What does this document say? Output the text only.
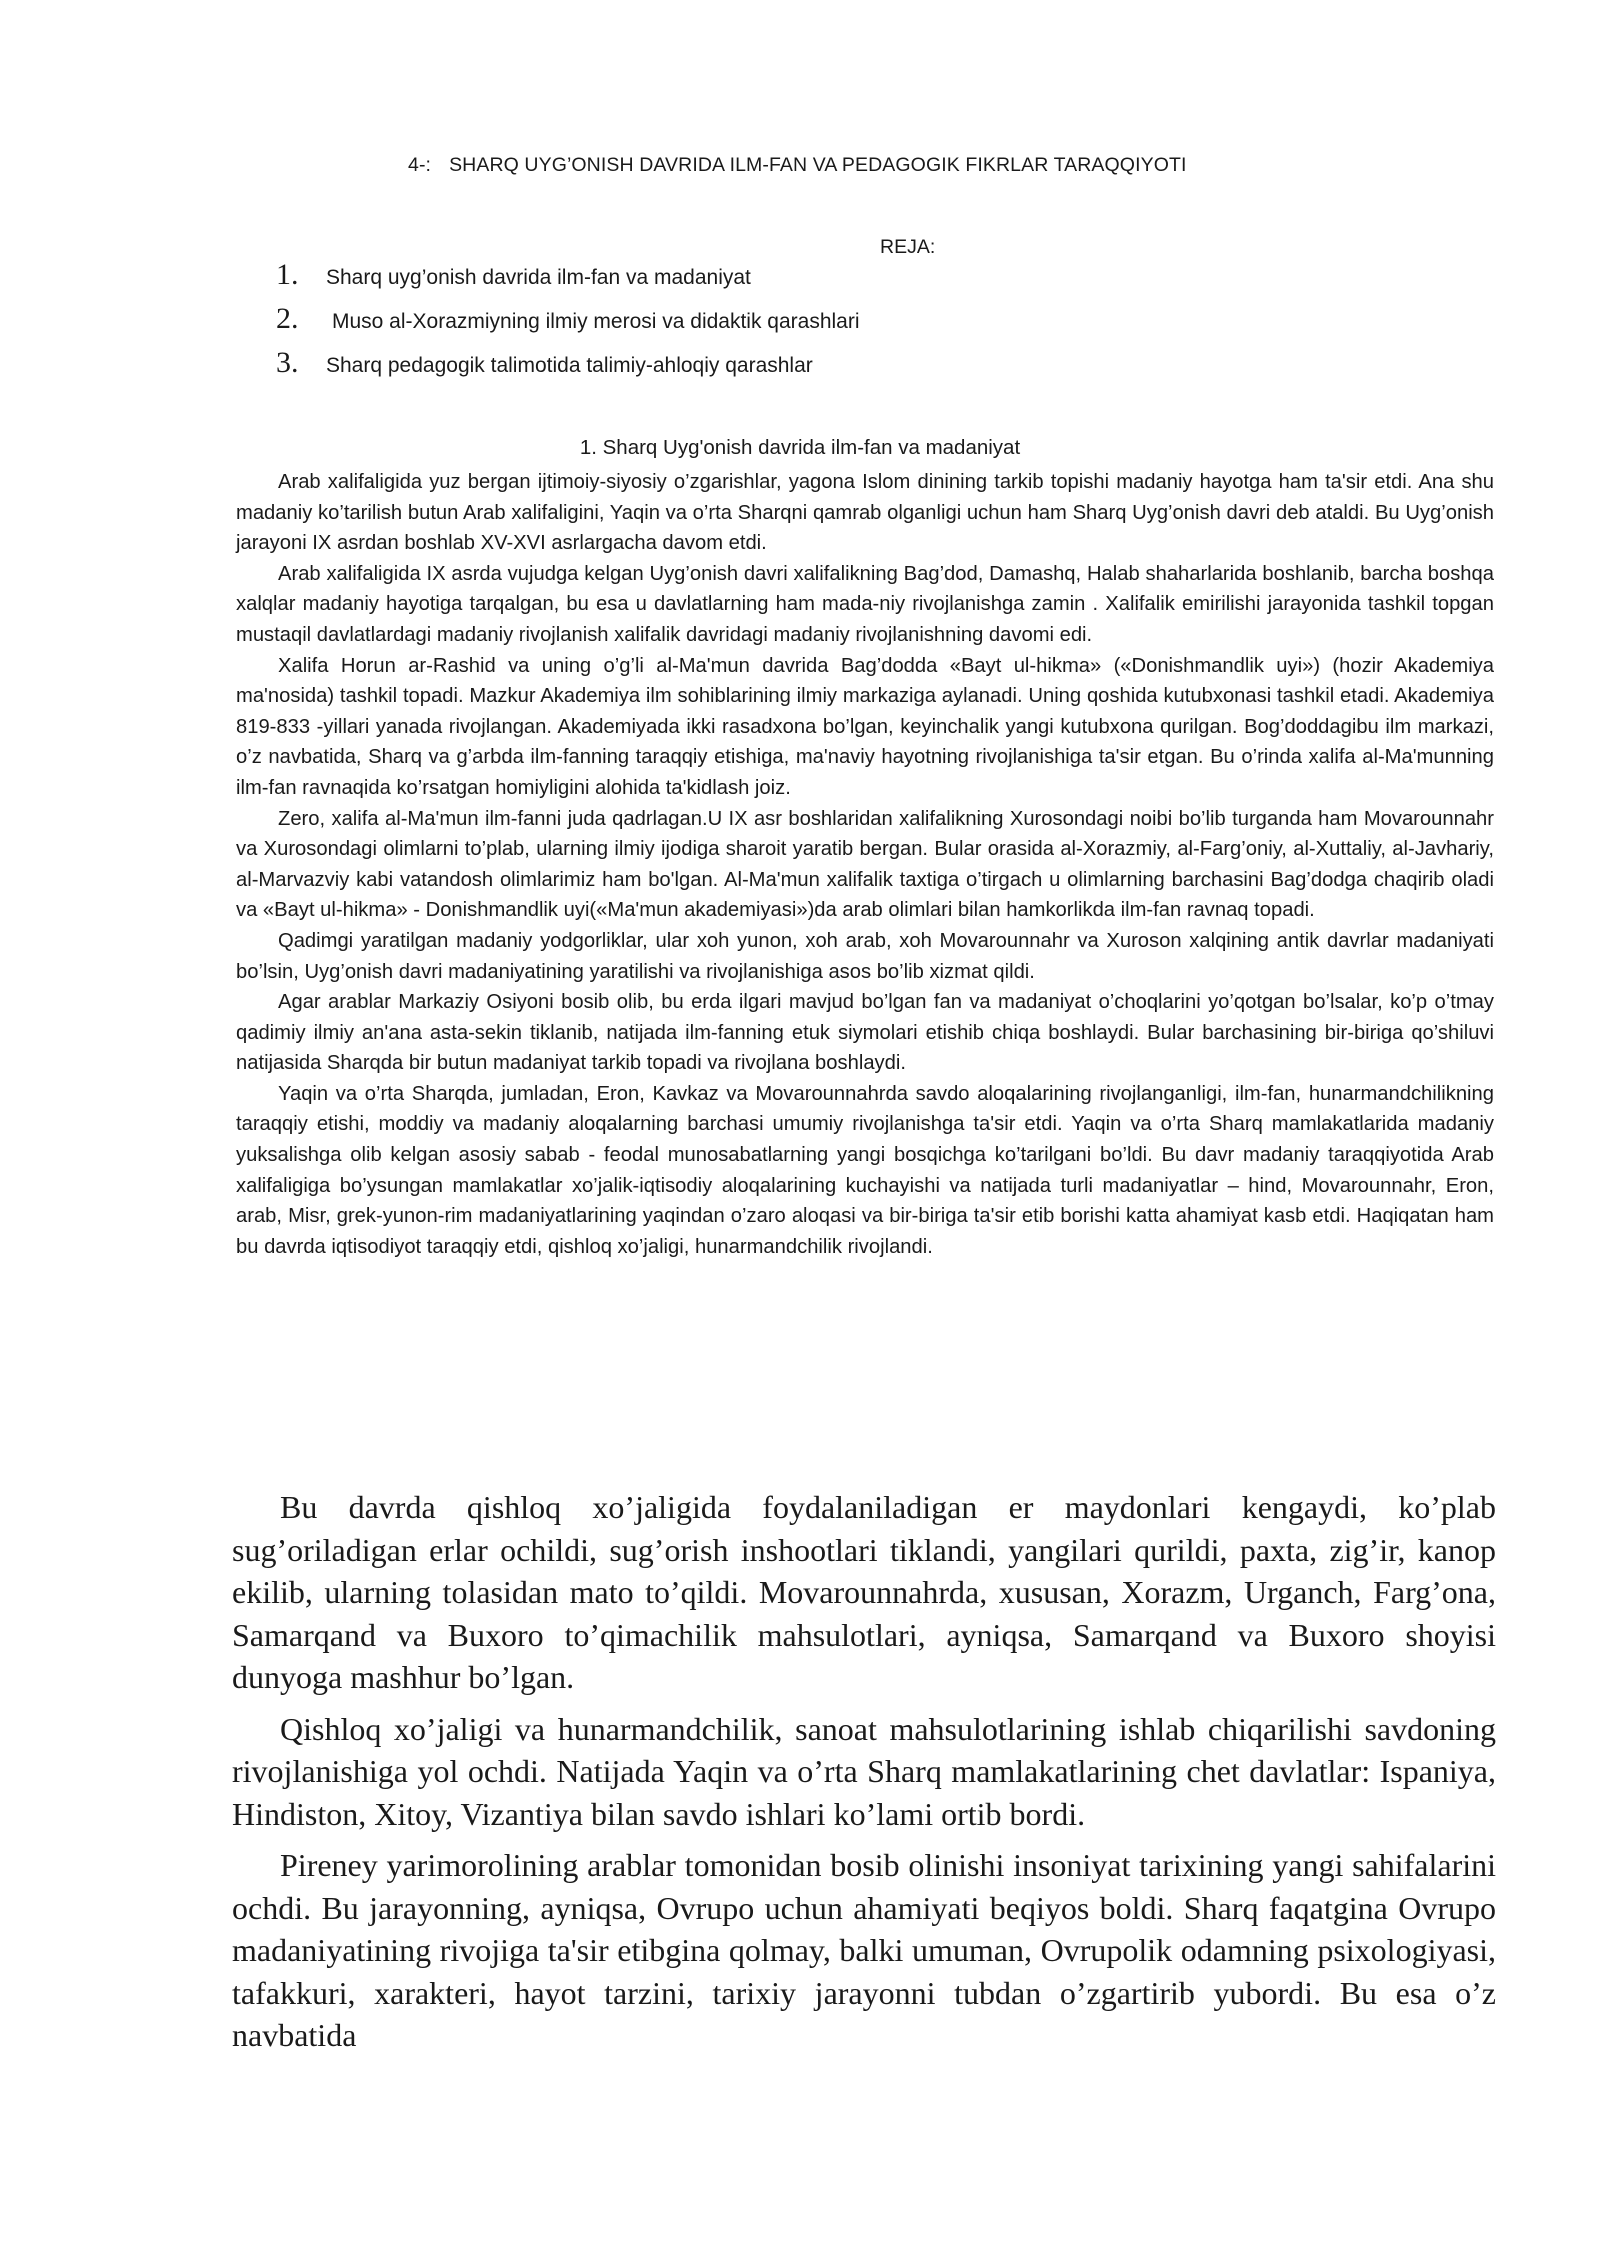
4-: SHARQ UYG’ONISH DAVRIDA ILM-FAN VA PEDAGOGIK FIKRLAR TARAQQIYOTI
REJA:
1.	Sharq uyg’onish davrida ilm-fan va madaniyat
2.	Muso al-Xorazmiyning ilmiy merosi va didaktik qarashlari
3.	Sharq pedagogik talimotida talimiy-ahloqiy qarashlar
1. Sharq Uyg'onish davrida ilm-fan va madaniyat

Arab xalifaligida yuz bergan ijtimoiy-siyosiy o’zgarishlar, yagona Islom dinining tarkib topishi madaniy hayotga ham ta'sir etdi. Ana shu madaniy ko’tarilish butun Arab xalifaligini, Yaqin va o’rta Sharqni qamrab olganligi uchun ham Sharq Uyg’onish davri deb ataldi. Bu Uyg’onish jarayoni IX asrdan boshlab XV-XVI asrlargacha davom etdi.

Arab xalifaligida IX asrda vujudga kelgan Uyg’onish davri xalifalikning Bag’dod, Damashq, Halab shaharlarida boshlanib, barcha boshqa xalqlar madaniy hayotiga tarqalgan, bu esa u davlatlarning ham mada-niy rivojlanishga zamin . Xalifalik emirilishi jarayonida tashkil topgan mustaqil davlatlardagi madaniy rivojlanish xalifalik davridagi madaniy rivojlanishning davomi edi.

Xalifa Horun ar-Rashid va uning o’g’li al-Ma'mun davrida Bag’dodda «Bayt ul-hikma» («Donishmandlik uyi») (hozir Akademiya ma'nosida) tashkil topadi. Mazkur Akademiya ilm sohiblarining ilmiy markaziga aylanadi. Uning qoshida kutubxonasi tashkil etadi. Akademiya 819-833 -yillari yanada rivojlangan. Akademiyada ikki rasadxona bo’lgan, keyinchalik yangi kutubxona qurilgan. Bog’doddagibu ilm markazi, o’z navbatida, Sharq va g’arbda ilm-fanning taraqqiy etishiga, ma'naviy hayotning rivojlanishiga ta'sir etgan. Bu o’rinda xalifa al-Ma'munning ilm-fan ravnaqida ko’rsatgan homiyligini alohida ta'kidlash joiz.

Zero, xalifa al-Ma'mun ilm-fanni juda qadrlagan.U IX asr boshlaridan xalifalikning Xurosondagi noibi bo’lib turganda ham Movarounnahr va Xurosondagi olimlarni to’plab, ularning ilmiy ijodiga sharoit yaratib bergan. Bular orasida al-Xorazmiy, al-Farg’oniy, al-Xuttaliy, al-Javhariy, al-Marvazviy kabi vatandosh olimlarimiz ham bo'lgan. Al-Ma'mun xalifalik taxtiga o’tirgach u olimlarning barchasini Bag’dodga chaqirib oladi va «Bayt ul-hikma» - Donishmandlik uyi(«Ma'mun akademiyasi»)da arab olimlari bilan hamkorlikda ilm-fan ravnaq topadi.

Qadimgi yaratilgan madaniy yodgorliklar, ular xoh yunon, xoh arab, xoh Movarounnahr va Xuroson xalqining antik davrlar madaniyati bo’lsin, Uyg’onish davri madaniyatining yaratilishi va rivojlanishiga asos bo’lib xizmat qildi.

Agar arablar Markaziy Osiyoni bosib olib, bu erda ilgari mavjud bo’lgan fan va madaniyat o’choqlarini yo’qotgan bo’lsalar, ko’p o’tmay qadimiy ilmiy an'ana asta-sekin tiklanib, natijada ilm-fanning etuk siymolari etishib chiqa boshlaydi. Bular barchasining bir-biriga qo’shiluvi natijasida Sharqda bir butun madaniyat tarkib topadi va rivojlana boshlaydi.

Yaqin va o’rta Sharqda, jumladan, Eron, Kavkaz va Movarounnahrda savdo aloqalarining rivojlanganligi, ilm-fan, hunarmandchilikning taraqqiy etishi, moddiy va madaniy aloqalarning barchasi umumiy rivojlanishga ta'sir etdi. Yaqin va o’rta Sharq mamlakatlarida madaniy yuksalishga olib kelgan asosiy sabab - feodal munosabatlarning yangi bosqichga ko’tarilgani bo’ldi. Bu davr madaniy taraqqiyotida Arab xalifaligiga bo’ysungan mamlakatlar xo’jalik-iqtisodiy aloqalarining kuchayishi va natijada turli madaniyatlar – hind, Movarounnahr, Eron, arab, Misr, grek-yunon-rim madaniyatlarining yaqindan o’zaro aloqasi va bir-biriga ta'sir etib borishi katta ahamiyat kasb etdi. Haqiqatan ham bu davrda iqtisodiyot taraqqiy etdi, qishloq xo’jaligi, hunarmandchilik rivojlandi.

Bu davrda qishloq xo’jaligida foydalaniladigan er maydonlari kengaydi, ko’plab sug’oriladigan erlar ochildi, sug’orish inshootlari tiklandi, yangilari qurildi, paxta, zig’ir, kanop ekilib, ularning tolasidan mato to’qildi. Movarounnahrda, xususan, Xorazm, Urganch, Farg’ona, Samarqand va Buxoro to’qimachilik mahsulotlari, ayniqsa, Samarqand va Buxoro shoyisi dunyoga mashhur bo’lgan.

Qishloq xo’jaligi va hunarmandchilik, sanoat mahsulotlarining ishlab chiqarilishi savdoning rivojlanishiga yol ochdi. Natijada Yaqin va o’rta Sharq mamlakatlarining chet davlatlar: Ispaniya, Hindiston, Xitoy, Vizantiya bilan savdo ishlari ko’lami ortib bordi.

Pireney yarimorolining arablar tomonidan bosib olinishi insoniyat tarixining yangi sahifalarini ochdi. Bu jarayonning, ayniqsa, Ovrupo uchun ahamiyati beqiyos boldi. Sharq faqatgina Ovrupo madaniyatining rivojiga ta'sir etibgina qolmay, balki umuman, Ovrupolik odamning psixologiyasi, tafakkuri, xarakteri, hayot tarzini, tarixiy jarayonni tubdan o’zgartirib yubordi. Bu esa o’z navbatida
